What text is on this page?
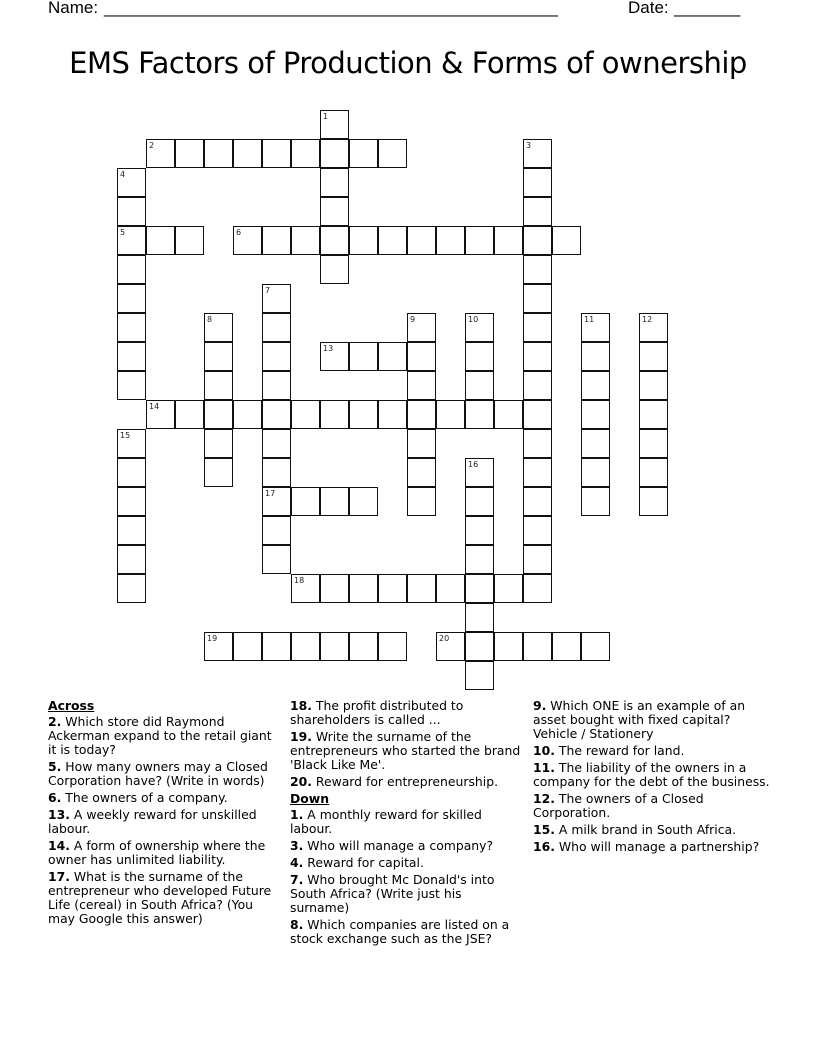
Name: ________________________________________________	Date: _______
EMS Factors of Production & Forms of ownership
1
2	3
4
5	6
7
17
8	9	10	11	12
13
14
15
16
18
19	20
Across
2. Which store did Raymond Ackerman expand to the retail giant it is today?
5. How many owners may a Closed Corporation have? (Write in words)
6. The owners of a company.
13. A weekly reward for unskilled labour.
14. A form of ownership where the owner has unlimited liability.
17. What is the surname of the entrepreneur who developed Future Life (cereal) in South Africa? (You may Google this answer)
18. The profit distributed to shareholders is called ...
19. Write the surname of the entrepreneurs who started the brand 'Black Like Me'.
20. Reward for entrepreneurship.
Down
1. A monthly reward for skilled labour.
3. Who will manage a company?
4. Reward for capital.
7. Who brought Mc Donald's into South Africa? (Write just his surname)
8. Which companies are listed on a stock exchange such as the JSE?
9. Which ONE is an example of an asset bought with fixed capital? Vehicle / Stationery
10. The reward for land.
11. The liability of the owners in a company for the debt of the business.
12. The owners of a Closed Corporation.
15. A milk brand in South Africa.
16. Who will manage a partnership?
